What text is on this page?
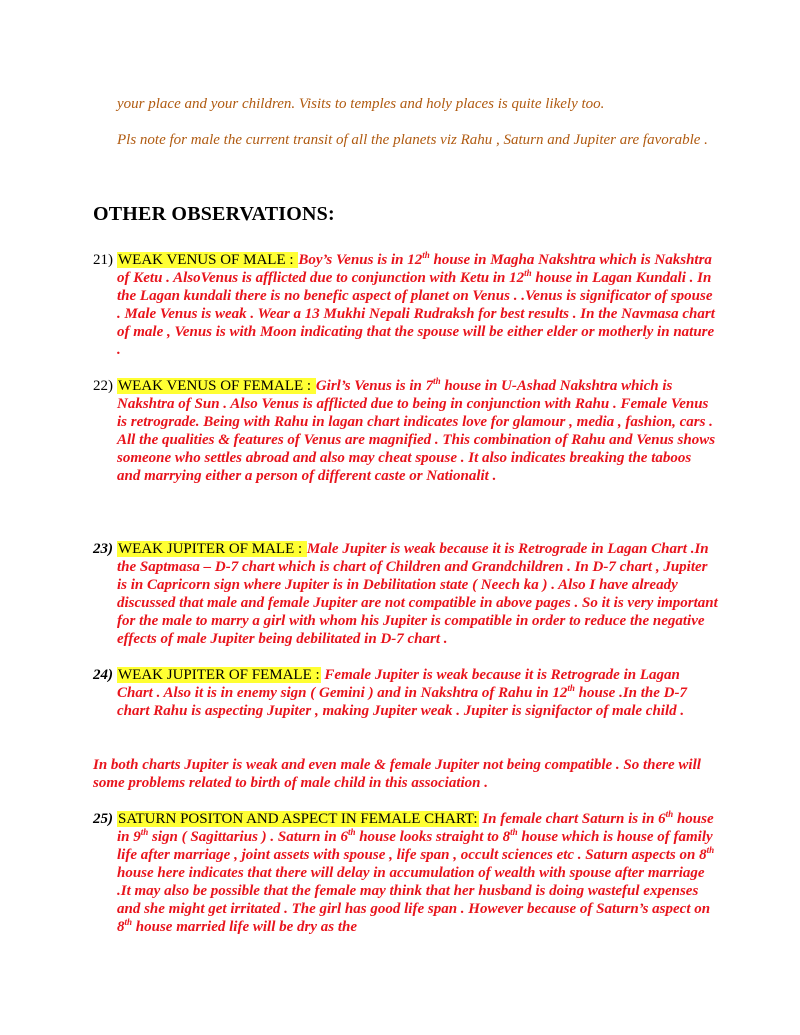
your place and your children. Visits to temples and holy places is quite likely too.
Pls note for male the current transit of all the planets viz Rahu , Saturn and Jupiter are favorable .
OTHER OBSERVATIONS:
21) WEAK VENUS OF MALE : Boy’s Venus is in 12th house in Magha Nakshtra which is Nakshtra of Ketu . AlsoVenus is afflicted due to conjunction with Ketu in 12th house in Lagan Kundali . In the Lagan kundali there is no benefic aspect of planet on Venus . .Venus is significator of spouse . Male Venus is weak . Wear a 13 Mukhi Nepali Rudraksh for best results . In the Navmasa chart of male , Venus is with Moon indicating that the spouse will be either elder or motherly in nature .
22) WEAK VENUS OF FEMALE : Girl’s Venus is in 7th house in U-Ashad Nakshtra which is Nakshtra of Sun . Also Venus is afflicted due to being in conjunction with Rahu . Female Venus is retrograde. Being with Rahu in lagan chart indicates love for glamour , media , fashion, cars . All the qualities & features of Venus are magnified . This combination of Rahu and Venus shows someone who settles abroad and also may cheat spouse . It also indicates breaking the taboos and marrying either a person of different caste or Nationalit .
23) WEAK JUPITER OF MALE : Male Jupiter is weak because it is Retrograde in Lagan Chart .In the Saptmasa – D-7 chart which is chart of Children and Grandchildren . In D-7 chart , Jupiter is in Capricorn sign where Jupiter is in Debilitation state ( Neech ka ) . Also I have already discussed that male and female Jupiter are not compatible in above pages . So it is very important for the male to marry a girl with whom his Jupiter is compatible in order to reduce the negative effects of male Jupiter being debilitated in D-7 chart .
24) WEAK JUPITER OF FEMALE : Female Jupiter is weak because it is Retrograde in Lagan Chart . Also it is in enemy sign ( Gemini ) and in Nakshtra of Rahu in 12th house .In the D-7 chart Rahu is aspecting Jupiter , making Jupiter weak . Jupiter is signifactor of male child .
In both charts Jupiter is weak and even male & female Jupiter not being compatible . So there will some problems related to birth of male child in this association .
25) SATURN POSITON AND ASPECT IN FEMALE CHART: In female chart Saturn is in 6th house in 9th sign ( Sagittarius ) . Saturn in 6th house looks straight to 8th house which is house of family life after marriage , joint assets with spouse , life span , occult sciences etc . Saturn aspects on 8th house here indicates that there will delay in accumulation of wealth with spouse after marriage .It may also be possible that the female may think that her husband is doing wasteful expenses and she might get irritated . The girl has good life span . However because of Saturn’s aspect on 8th house married life will be dry as the
